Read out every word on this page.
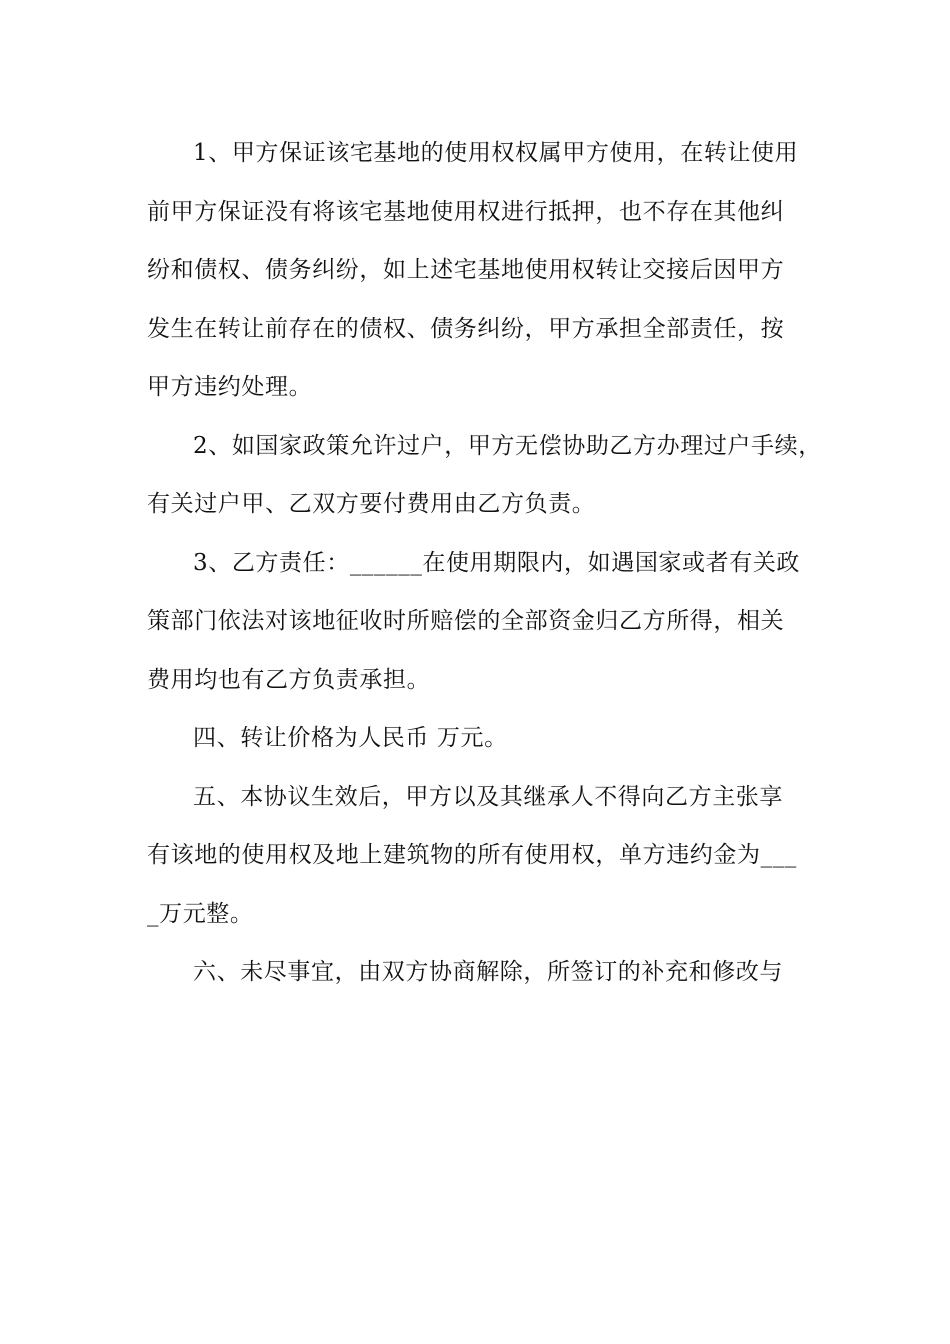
1、甲方保证该宅基地的使用权权属甲方使用，在转让使用
前甲方保证没有将该宅基地使用权进行抵押，也不存在其他纠
纷和债权、债务纠纷，如上述宅基地使用权转让交接后因甲方
发生在转让前存在的债权、债务纠纷，甲方承担全部责任，按
甲方违约处理。
2、如国家政策允许过户，甲方无偿协助乙方办理过户手续，
有关过户甲、乙双方要付费用由乙方负责。
3、乙方责任：______在使用期限内，如遇国家或者有关政
策部门依法对该地征收时所赔偿的全部资金归乙方所得，相关
费用均也有乙方负责承担。
四、转让价格为人民币 万元。
五、本协议生效后，甲方以及其继承人不得向乙方主张享
有该地的使用权及地上建筑物的所有使用权，单方违约金为___
_万元整。
六、未尽事宜，由双方协商解除，所签订的补充和修改与
